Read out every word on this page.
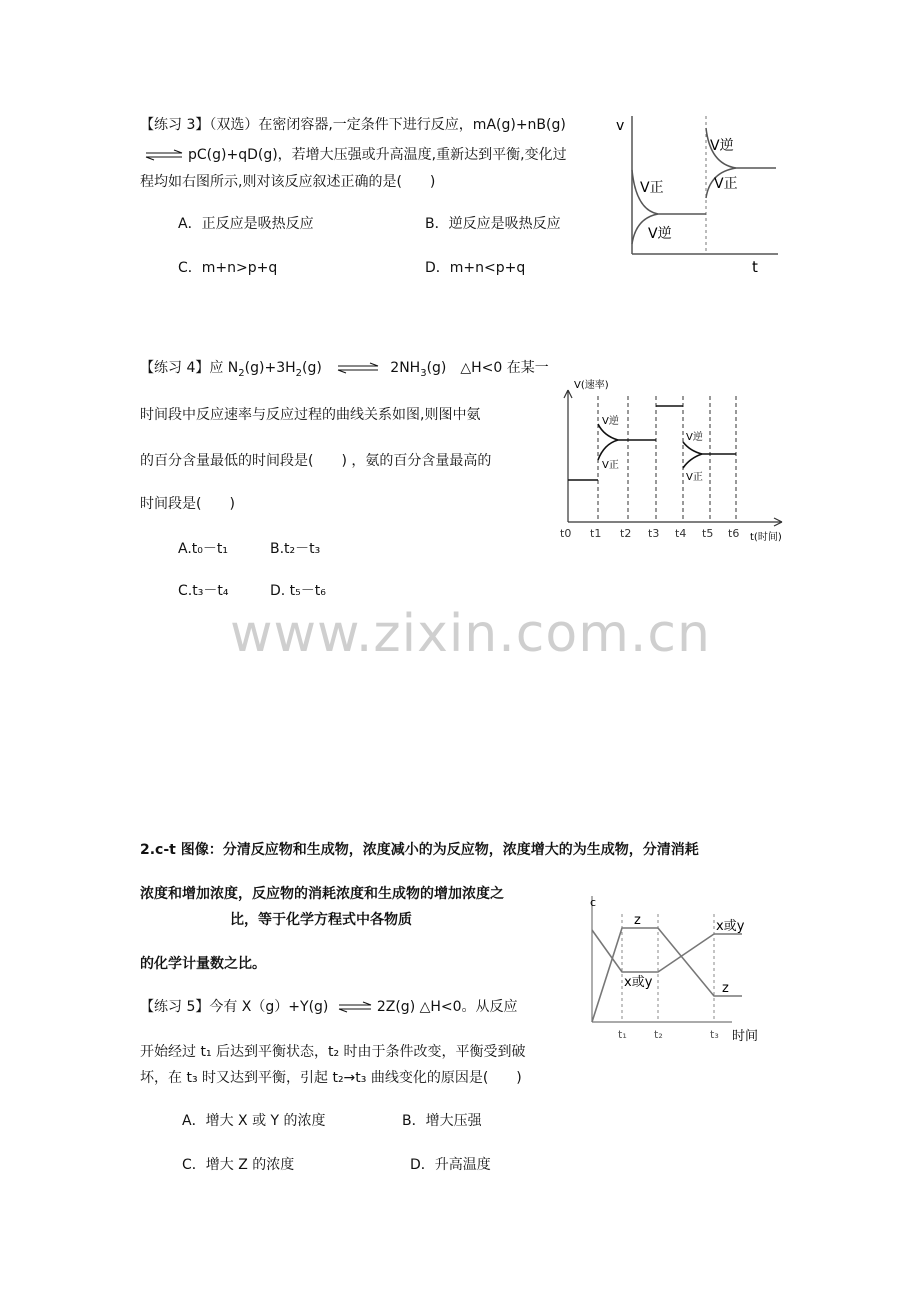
【练习 3】（双选）在密闭容器,一定条件下进行反应，mA(g)+nB(g)
⇌ pC(g)+qD(g)，若增大压强或升高温度,重新达到平衡,变化过
程均如右图所示,则对该反应叙述正确的是(　　)
A．正反应是吸热反应	B．逆反应是吸热反应
C．m+n>p+q	D．m+n<p+q
v
t
V逆
V正
V正
V逆
【练习 4】应 $N_2(g)+3H_2(g)$ ⇌ $2NH_3(g)$　△H<0 在某一
时间段中反应速率与反应过程的曲线关系如图,则图中氨
的百分含量最低的时间段是(　　) ，氨的百分含量最高的
时间段是(　　)
A.t₀－t₁	B.t₂－t₃
C.t₃－t₄	D. t₅－t₆
V(速率)
t(时间)
V逆
V正
V逆
V正
t0 t1 t2 t3 t4 t5 t6
www.zixin.com.cn
2.c-t 图像：分清反应物和生成物，浓度减小的为反应物，浓度增大的为生成物，分清消耗
浓度和增加浓度，反应物的消耗浓度和生成物的增加浓度之
比，等于化学方程式中各物质
的化学计量数之比。
【练习 5】今有 X（g）+Y(g) ⇌ 2Z(g) △H<0。从反应
开始经过 t₁ 后达到平衡状态，t₂ 时由于条件改变，平衡受到破
坏，在 t₃ 时又达到平衡，引起 t₂→t₃ 曲线变化的原因是(　　)
A．增大 X 或 Y 的浓度	B．增大压强
C．增大 Z 的浓度	D．升高温度
c
时间
z
x或y
x或y
z
t₁ t₂	t₃
